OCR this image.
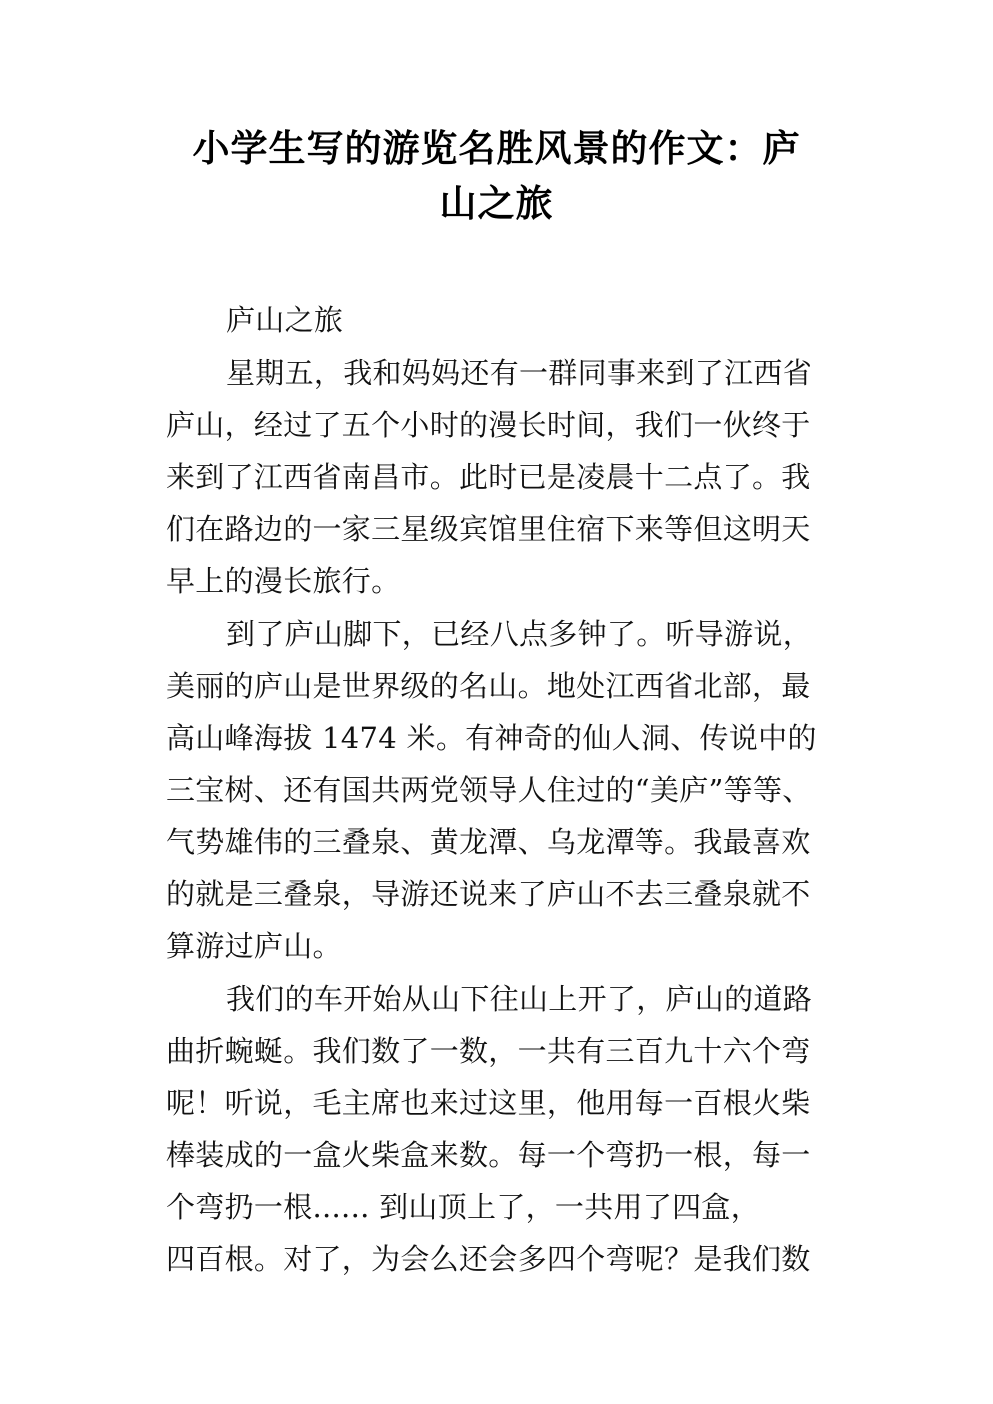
小学生写的游览名胜风景的作文：庐
山之旅
庐山之旅
星期五，我和妈妈还有一群同事来到了江西省
庐山，经过了五个小时的漫长时间，我们一伙终于
来到了江西省南昌市。此时已是凌晨十二点了。我
们在路边的一家三星级宾馆里住宿下来等但这明天
早上的漫长旅行。
到了庐山脚下，已经八点多钟了。听导游说，
美丽的庐山是世界级的名山。地处江西省北部，最
高山峰海拔 1474 米。有神奇的仙人洞、传说中的
三宝树、还有国共两党领导人住过的“美庐”等等、
气势雄伟的三叠泉、黄龙潭、乌龙潭等。我最喜欢
的就是三叠泉，导游还说来了庐山不去三叠泉就不
算游过庐山。
我们的车开始从山下往山上开了，庐山的道路
曲折蜿蜒。我们数了一数，一共有三百九十六个弯
呢！听说，毛主席也来过这里，他用每一百根火柴
棒装成的一盒火柴盒来数。每一个弯扔一根，每一
个弯扔一根...... 到山顶上了，一共用了四盒，
四百根。对了，为会么还会多四个弯呢？是我们数
